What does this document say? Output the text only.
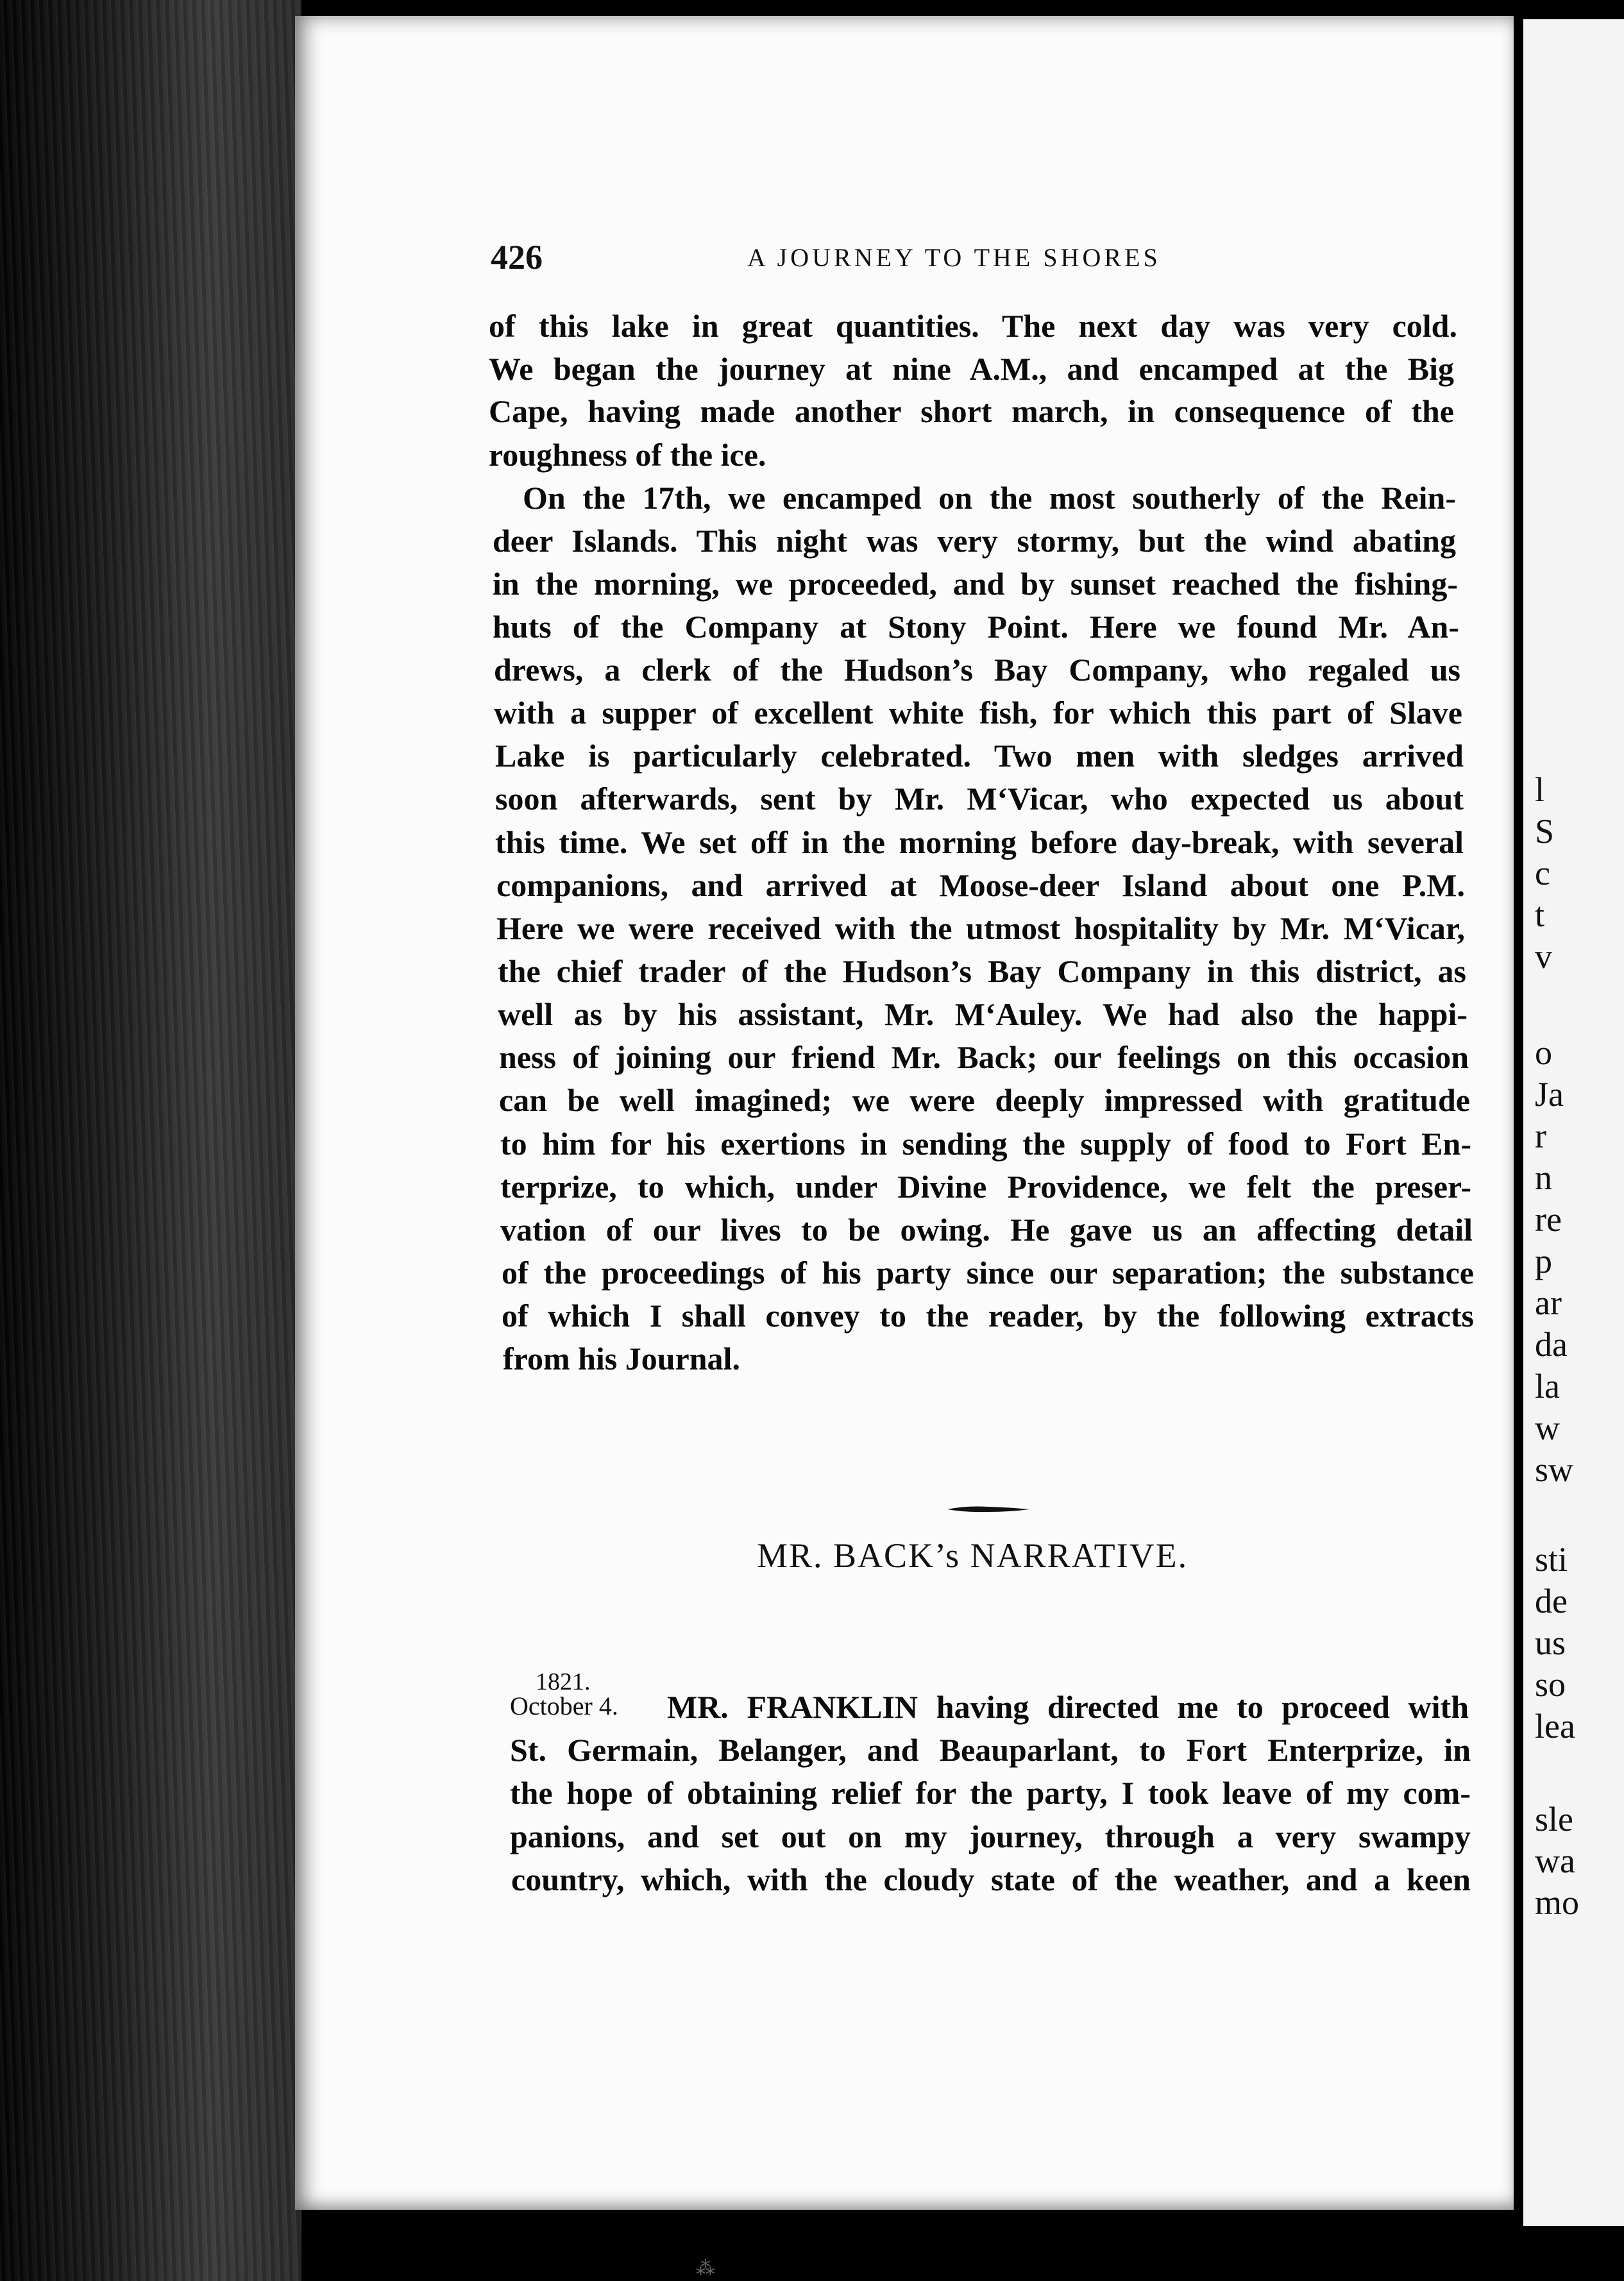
l
S
c
t
v
o
Ja
r
n
re
p
ar
da
la
w
sw
sti
de
us
so
lea
sle
wa
mo
426	A JOURNEY TO THE SHORES
of this lake in great quantities. The next day was very cold.
We began the journey at nine A.M., and encamped at the Big
Cape, having made another short march, in consequence of the
roughness of the ice.
On the 17th, we encamped on the most southerly of the Rein-
deer Islands. This night was very stormy, but the wind abating
in the morning, we proceeded, and by sunset reached the fishing-
huts of the Company at Stony Point. Here we found Mr. An-
drews, a clerk of the Hudson’s Bay Company, who regaled us
with a supper of excellent white fish, for which this part of Slave
Lake is particularly celebrated. Two men with sledges arrived
soon afterwards, sent by Mr. M‘Vicar, who expected us about
this time. We set off in the morning before day-break, with several
companions, and arrived at Moose-deer Island about one P.M.
Here we were received with the utmost hospitality by Mr. M‘Vicar,
the chief trader of the Hudson’s Bay Company in this district, as
well as by his assistant, Mr. M‘Auley. We had also the happi-
ness of joining our friend Mr. Back; our feelings on this occasion
can be well imagined; we were deeply impressed with gratitude
to him for his exertions in sending the supply of food to Fort En-
terprize, to which, under Divine Providence, we felt the preser-
vation of our lives to be owing. He gave us an affecting detail
of the proceedings of his party since our separation; the substance
of which I shall convey to the reader, by the following extracts
from his Journal.
MR. BACK’s NARRATIVE.
1821.
October 4. MR. FRANKLIN having directed me to proceed with
St. Germain, Belanger, and Beauparlant, to Fort Enterprize, in
the hope of obtaining relief for the party, I took leave of my com-
panions, and set out on my journey, through a very swampy
country, which, with the cloudy state of the weather, and a keen
⁂
